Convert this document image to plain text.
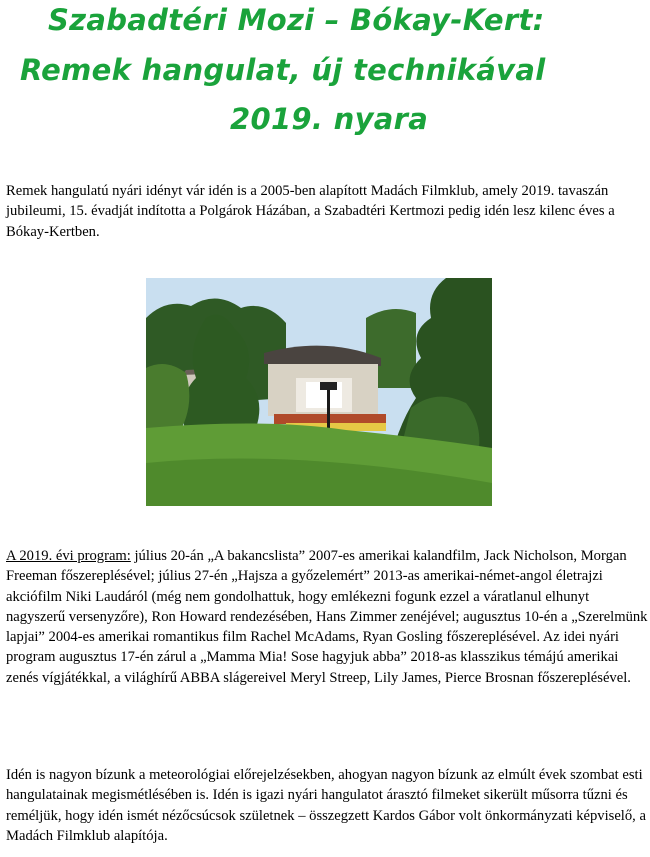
Szabadtéri Mozi – Bókay-Kert:
Remek hangulat, új technikával
2019. nyara

Remek hangulatú nyári idényt vár idén is a 2005-ben alapított Madách Filmklub, amely 2019. tavaszán jubileumi, 15. évadját indította a Polgárok Házában, a Szabadtéri Kertmozi pedig idén lesz kilenc éves a Bókay-Kertben.

A 2019. évi program: július 20-án „A bakancslista” 2007-es amerikai kalandfilm, Jack Nicholson, Morgan Freeman főszereplésével; július 27-én „Hajsza a győzelemért” 2013-as amerikai-német-angol életrajzi akciófilm Niki Laudáról (még nem gondolhattuk, hogy emlékezni fogunk ezzel a váratlanul elhunyt nagyszerű versenyzőre), Ron Howard rendezésében, Hans Zimmer zenéjével; augusztus 10-én a „Szerelmünk lapjai” 2004-es amerikai romantikus film Rachel McAdams, Ryan Gosling főszereplésével. Az idei nyári program augusztus 17-én zárul a „Mamma Mia! Sose hagyjuk abba” 2018-as klasszikus témájú amerikai zenés vígjátékkal, a világhírű ABBA slágereivel Meryl Streep, Lily James, Pierce Brosnan főszereplésével.

Idén is nagyon bízunk a meteorológiai előrejelzésekben, ahogyan nagyon bízunk az elmúlt évek szombat esti hangulatainak megismétlésében is. Idén is igazi nyári hangulatot árasztó filmeket sikerült műsorra tűzni és reméljük, hogy idén ismét nézőcsúcsok születnek – összegzett Kardos Gábor volt önkormányzati képviselő, a Madách Filmklub alapítója.
